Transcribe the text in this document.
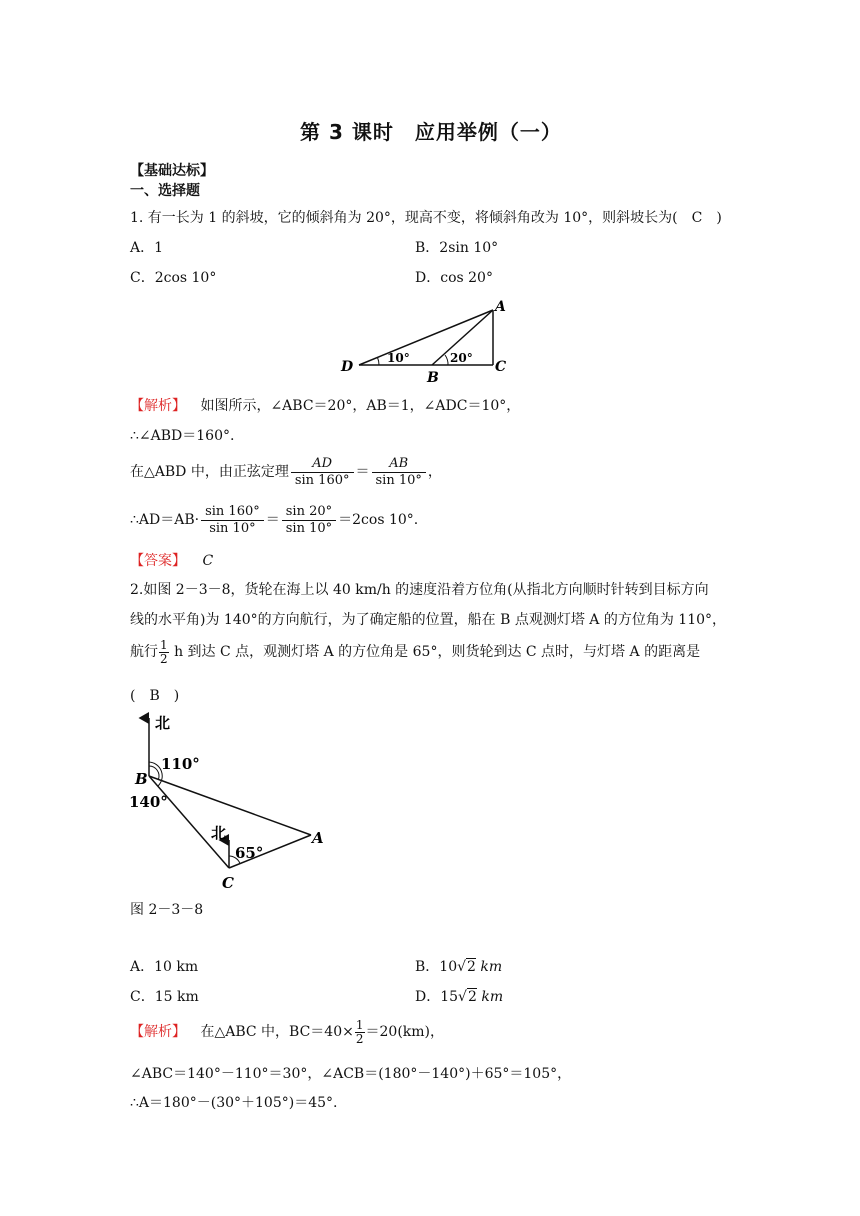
第 3 课时　应用举例（一）
【基础达标】
一、选择题
1. 有一长为 1 的斜坡，它的倾斜角为 20°，现高不变，将倾斜角改为 10°，则斜坡长为(　C　)
A．1	B．2sin 10°
C．2cos 10°	D．cos 20°
A
D
B
C
10°	20°
【解析】 如图所示，∠ABC＝20°，AB＝1，∠ADC＝10°，
∴∠ABD＝160°.
在△ABD 中，由正弦定理 $\frac{AD}{\sin 160^\circ} = \frac{AB}{\sin 10^\circ}$ ，
∴AD＝AB· $\frac{\sin 160^\circ}{\sin 10^\circ} = \frac{\sin 20^\circ}{\sin 10^\circ} =2\cos$ 10°.
【答案】 C
2.如图 2－3－8，货轮在海上以 40 km/h 的速度沿着方位角(从指北方向顺时针转到目标方向
线的水平角)为 140°的方向航行，为了确定船的位置，船在 B 点观测灯塔 A 的方位角为 110°，
航行 $\frac{1}{2}$ h 到达 C 点，观测灯塔 A 的方位角是 65°，则货轮到达 C 点时，与灯塔 A 的距离是
(　B　)
北
110°
B
140°
北
65°
A
C
图 2－3－8
A．10 km	B．10√2 km
C．15 km	D．15√2 km
【解析】 在△ABC 中，$BC=40\times \frac{1}{2} =20(km)$，
∠ABC＝140°－110°＝30°，∠ACB＝(180°－140°)＋65°＝105°，
∴A＝180°－(30°＋105°)＝45°.
